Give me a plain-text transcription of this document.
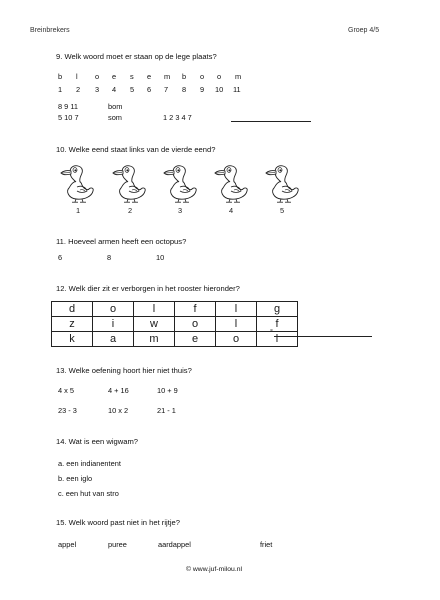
Breinbrekers	Groep 4/5
9. Welk woord moet er staan op de lege plaats?
b l o e s e m b o o m
1 2 3 4 5 6 7 8 9 10 11
8 9 11	bom
5 10 7	som	1 2 3 4 7
10. Welke eend staat links van de vierde eend?
1	2	3	4	5
11. Hoeveel armen heeft een octopus?
6	8	10
12. Welk dier zit er verborgen in het rooster hieronder?
d	o	l	f	l	g
z	i	w	o	l	f
k	a	m	e	o	l
°
13. Welke oefening hoort hier niet thuis?
4 x 5	4 + 16	10 + 9
23 - 3	10 x 2	21 - 1
14. Wat is een wigwam?
a. een indianentent
b. een iglo
c. een hut van stro
15. Welk woord past niet in het rijtje?
appel	puree	aardappel	friet
© www.juf-milou.nl
